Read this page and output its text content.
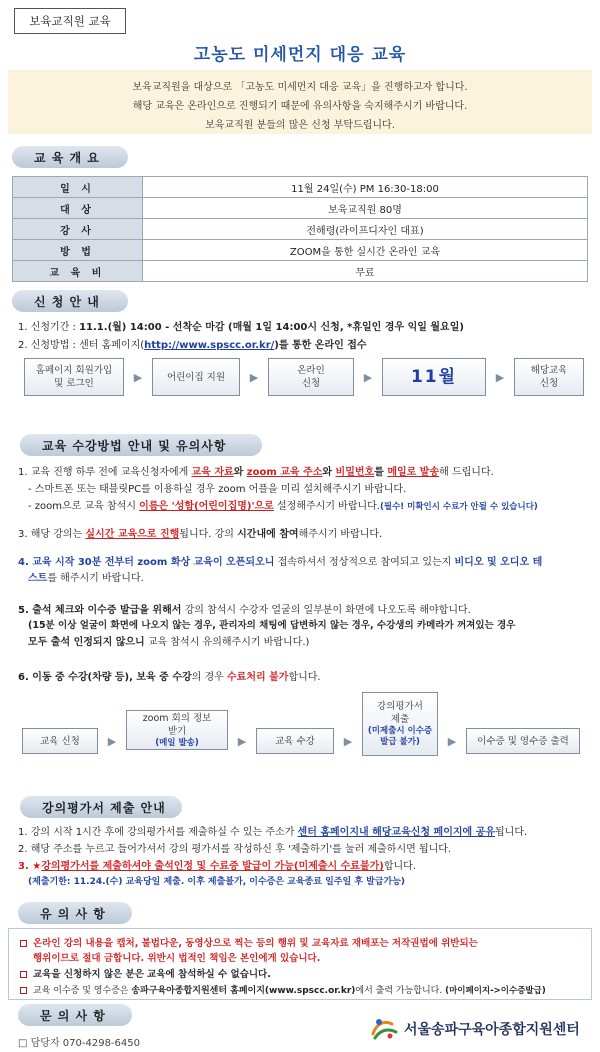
보육교직원 교육
고농도 미세먼지 대응 교육
보육교직원을 대상으로 「고농도 미세먼지 대응 교육」을 진행하고자 합니다.
해당 교육은 온라인으로 진행되기 때문에 유의사항을 숙지해주시기 바랍니다.
보육교직원 분들의 많은 신청 부탁드립니다.
교 육 개 요
일 시	11월 24일(수) PM 16:30-18:00
대 상	보육교직원 80명
강 사	전해령(라이프디자인 대표)
방 법	ZOOM을 통한 실시간 온라인 교육
교 육 비	무료
신 청 안 내
1. 신청기간 : 11.1.(월) 14:00 - 선착순 마감 (매월 1일 14:00시 신청, *휴일인 경우 익일 월요일)
2. 신청방법 : 센터 홈페이지(http://www.spscc.or.kr/)를 통한 온라인 접수
홈페이지 회원가입
및 로그인	▶	어린이집 지원	▶	온라인
신청	▶ 11월	▶	해당교육
신청
교육 수강방법 안내 및 유의사항
1. 교육 진행 하루 전에 교육신청자에게 교육 자료와 zoom 교육 주소와 비밀번호를 메일로 발송해 드립니다.
- 스마트폰 또는 태블릿PC를 이용하실 경우 zoom 어플을 미리 설치해주시기 바랍니다.
- zoom으로 교육 참석시 이름은 '성함(어린이집명)'으로 설정해주시기 바랍니다.(필수! 미확인시 수료가 안될 수 있습니다)
3. 해당 강의는 실시간 교육으로 진행됩니다. 강의 시간내에 참여해주시기 바랍니다.
4. 교육 시작 30분 전부터 zoom 화상 교육이 오픈되오니 접속하셔서 정상적으로 참여되고 있는지 비디오 및 오디오 테
스트를 해주시기 바랍니다.
5. 출석 체크와 이수증 발급을 위해서 강의 참석시 수강자 얼굴의 일부분이 화면에 나오도록 해야합니다.
(15분 이상 얼굴이 화면에 나오지 않는 경우, 관리자의 채팅에 답변하지 않는 경우, 수강생의 카메라가 꺼져있는 경우
모두 출석 인정되지 않으니 교육 참석시 유의해주시기 바랍니다.)
6. 이동 중 수강(차량 등), 보육 중 수강의 경우 수료처리 불가합니다.
교육 신청	▶
zoom 회의 정보
받기
(메일 발송)	▶	교육 수강	▶
강의평가서
제출
(미제출시 이수증 발급 불가)	▶	이수증 및 영수증 출력
강의평가서 제출 안내
1. 강의 시작 1시간 후에 강의평가서를 제출하실 수 있는 주소가 센터 홈페이지내 해당교육신청 페이지에 공유됩니다.
2. 해당 주소를 누르고 들어가셔서 강의 평가서를 작성하신 후 '제출하기'를 눌러 제출하시면 됩니다.
3. ★강의평가서를 제출하셔야 출석인정 및 수료증 발급이 가능(미제출시 수료불가)합니다.
(제출기한: 11.24.(수) 교육당일 제출. 이후 제출불가, 이수증은 교육종료 일주일 후 발급가능)
유 의 사 항
온라인 강의 내용을 캡처, 불법다운, 동영상으로 찍는 등의 행위 및 교육자료 재배포는 저작권법에 위반되는
행위이므로 절대 금합니다. 위반시 법적인 책임은 본인에게 있습니다.
교육을 신청하지 않은 분은 교육에 참석하실 수 없습니다.
교육 이수증 및 영수증은 송파구육아종합지원센터 홈페이지(www.spscc.or.kr)에서 출력 가능합니다. (마이페이지->이수증발급)
문 의 사 항
□ 담당자 070-4298-6450
서울송파구육아종합지원센터
